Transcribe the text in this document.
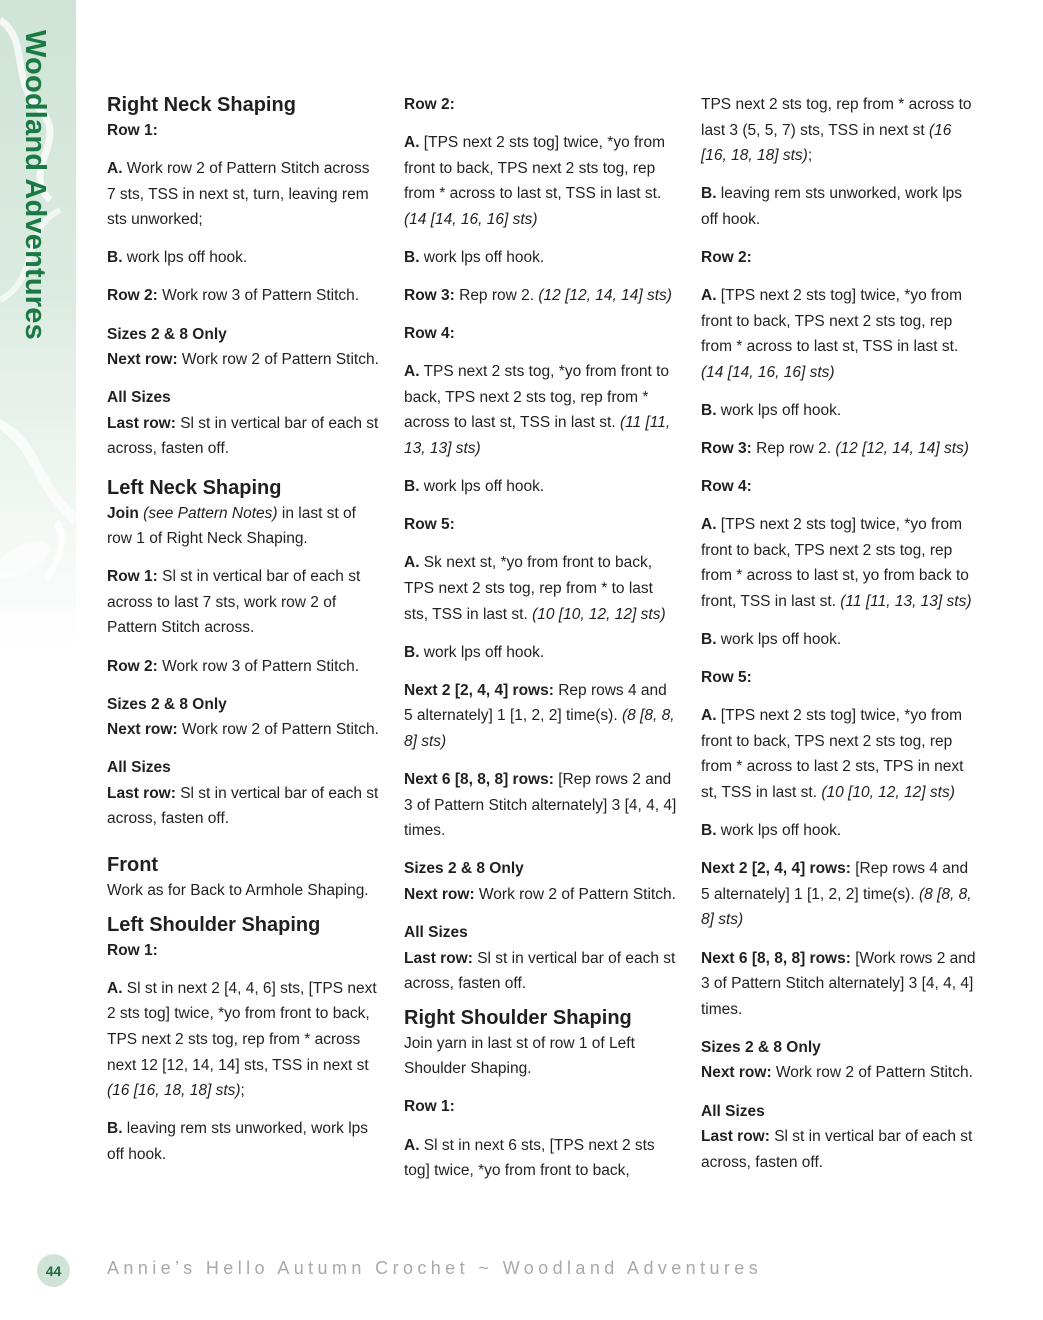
Woodland Adventures	Right Neck Shaping
Row 1:
A. Work row 2 of Pattern Stitch across 7 sts, TSS in next st, turn, leaving rem sts unworked;
B. work lps off hook.
Row 2: Work row 3 of Pattern Stitch.
Sizes 2 & 8 Only
Next row: Work row 2 of Pattern Stitch.
All Sizes
Last row: Sl st in vertical bar of each st across, fasten off.
Left Neck Shaping
Join (see Pattern Notes) in last st of row 1 of Right Neck Shaping.
Row 1: Sl st in vertical bar of each st across to last 7 sts, work row 2 of Pattern Stitch across.
Row 2: Work row 3 of Pattern Stitch.
Sizes 2 & 8 Only
Next row: Work row 2 of Pattern Stitch.
All Sizes
Last row: Sl st in vertical bar of each st across, fasten off.
Front
Work as for Back to Armhole Shaping.
Left Shoulder Shaping
Row 1:
A. Sl st in next 2 [4, 4, 6] sts, [TPS next 2 sts tog] twice, *yo from front to back, TPS next 2 sts tog, rep from * across next 12 [12, 14, 14] sts, TSS in next st (16 [16, 18, 18] sts);
B. leaving rem sts unworked, work lps off hook.
Row 2:
A. [TPS next 2 sts tog] twice, *yo from front to back, TPS next 2 sts tog, rep from * across to last st, TSS in last st. (14 [14, 16, 16] sts)
B. work lps off hook.
Row 3: Rep row 2. (12 [12, 14, 14] sts)
Row 4:
A. TPS next 2 sts tog, *yo from front to back, TPS next 2 sts tog, rep from * across to last st, TSS in last st. (11 [11, 13, 13] sts)
B. work lps off hook.
Row 5:
A. Sk next st, *yo from front to back, TPS next 2 sts tog, rep from * to last sts, TSS in last st. (10 [10, 12, 12] sts)
B. work lps off hook.
Next 2 [2, 4, 4] rows: Rep rows 4 and 5 alternately] 1 [1, 2, 2] time(s). (8 [8, 8, 8] sts)
Next 6 [8, 8, 8] rows: [Rep rows 2 and 3 of Pattern Stitch alternately] 3 [4, 4, 4] times.
Sizes 2 & 8 Only
Next row: Work row 2 of Pattern Stitch.
All Sizes
Last row: Sl st in vertical bar of each st across, fasten off.
Right Shoulder Shaping
Join yarn in last st of row 1 of Left Shoulder Shaping.
Row 1:
A. Sl st in next 6 sts, [TPS next 2 sts tog] twice, *yo from front to back,
TPS next 2 sts tog, rep from * across to last 3 (5, 5, 7) sts, TSS in next st (16 [16, 18, 18] sts);
B. leaving rem sts unworked, work lps off hook.
Row 2:
A. [TPS next 2 sts tog] twice, *yo from front to back, TPS next 2 sts tog, rep from * across to last st, TSS in last st. (14 [14, 16, 16] sts)
B. work lps off hook.
Row 3: Rep row 2. (12 [12, 14, 14] sts)
Row 4:
A. [TPS next 2 sts tog] twice, *yo from front to back, TPS next 2 sts tog, rep from * across to last st, yo from back to front, TSS in last st. (11 [11, 13, 13] sts)
B. work lps off hook.
Row 5:
A. [TPS next 2 sts tog] twice, *yo from front to back, TPS next 2 sts tog, rep from * across to last 2 sts, TPS in next st, TSS in last st. (10 [10, 12, 12] sts)
B. work lps off hook.
Next 2 [2, 4, 4] rows: [Rep rows 4 and 5 alternately] 1 [1, 2, 2] time(s). (8 [8, 8, 8] sts)
Next 6 [8, 8, 8] rows: [Work rows 2 and 3 of Pattern Stitch alternately] 3 [4, 4, 4] times.
Sizes 2 & 8 Only
Next row: Work row 2 of Pattern Stitch.
All Sizes
Last row: Sl st in vertical bar of each st across, fasten off.
44	Annie’s Hello Autumn Crochet ~ Woodland Adventures
